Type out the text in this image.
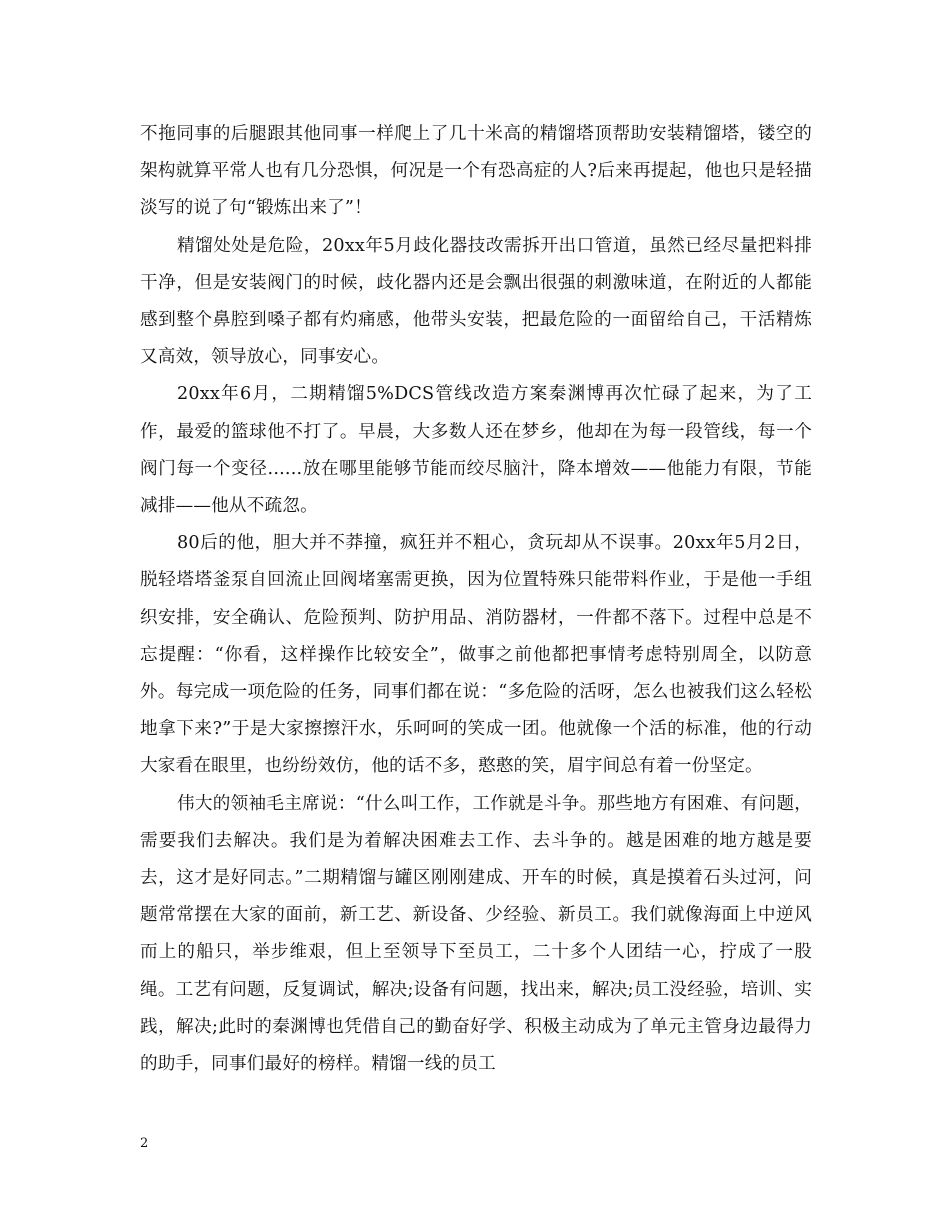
不拖同事的后腿跟其他同事一样爬上了几十米高的精馏塔顶帮助安装精馏塔，镂空的架构就算平常人也有几分恐惧，何况是一个有恐高症的人?后来再提起，他也只是轻描淡写的说了句“锻炼出来了”！

精馏处处是危险，20xx年5月歧化器技改需拆开出口管道，虽然已经尽量把料排干净，但是安装阀门的时候，歧化器内还是会飘出很强的刺激味道，在附近的人都能感到整个鼻腔到嗓子都有灼痛感，他带头安装，把最危险的一面留给自己，干活精炼又高效，领导放心，同事安心。

20xx年6月，二期精馏5%DCS管线改造方案秦渊博再次忙碌了起来，为了工作，最爱的篮球他不打了。早晨，大多数人还在梦乡，他却在为每一段管线，每一个阀门每一个变径......放在哪里能够节能而绞尽脑汁，降本增效——他能力有限，节能减排——他从不疏忽。

80后的他，胆大并不莽撞，疯狂并不粗心，贪玩却从不误事。20xx年5月2日，脱轻塔塔釜泵自回流止回阀堵塞需更换，因为位置特殊只能带料作业，于是他一手组织安排，安全确认、危险预判、防护用品、消防器材，一件都不落下。过程中总是不忘提醒：“你看，这样操作比较安全”，做事之前他都把事情考虑特别周全，以防意外。每完成一项危险的任务，同事们都在说：“多危险的活呀，怎么也被我们这么轻松地拿下来?”于是大家擦擦汗水，乐呵呵的笑成一团。他就像一个活的标准，他的行动大家看在眼里，也纷纷效仿，他的话不多，憨憨的笑，眉宇间总有着一份坚定。

伟大的领袖毛主席说：“什么叫工作，工作就是斗争。那些地方有困难、有问题，需要我们去解决。我们是为着解决困难去工作、去斗争的。越是困难的地方越是要去，这才是好同志。”二期精馏与罐区刚刚建成、开车的时候，真是摸着石头过河，问题常常摆在大家的面前，新工艺、新设备、少经验、新员工。我们就像海面上中逆风而上的船只，举步维艰，但上至领导下至员工，二十多个人团结一心，拧成了一股绳。工艺有问题，反复调试，解决;设备有问题，找出来，解决;员工没经验，培训、实践，解决;此时的秦渊博也凭借自己的勤奋好学、积极主动成为了单元主管身边最得力的助手，同事们最好的榜样。精馏一线的员工

2
